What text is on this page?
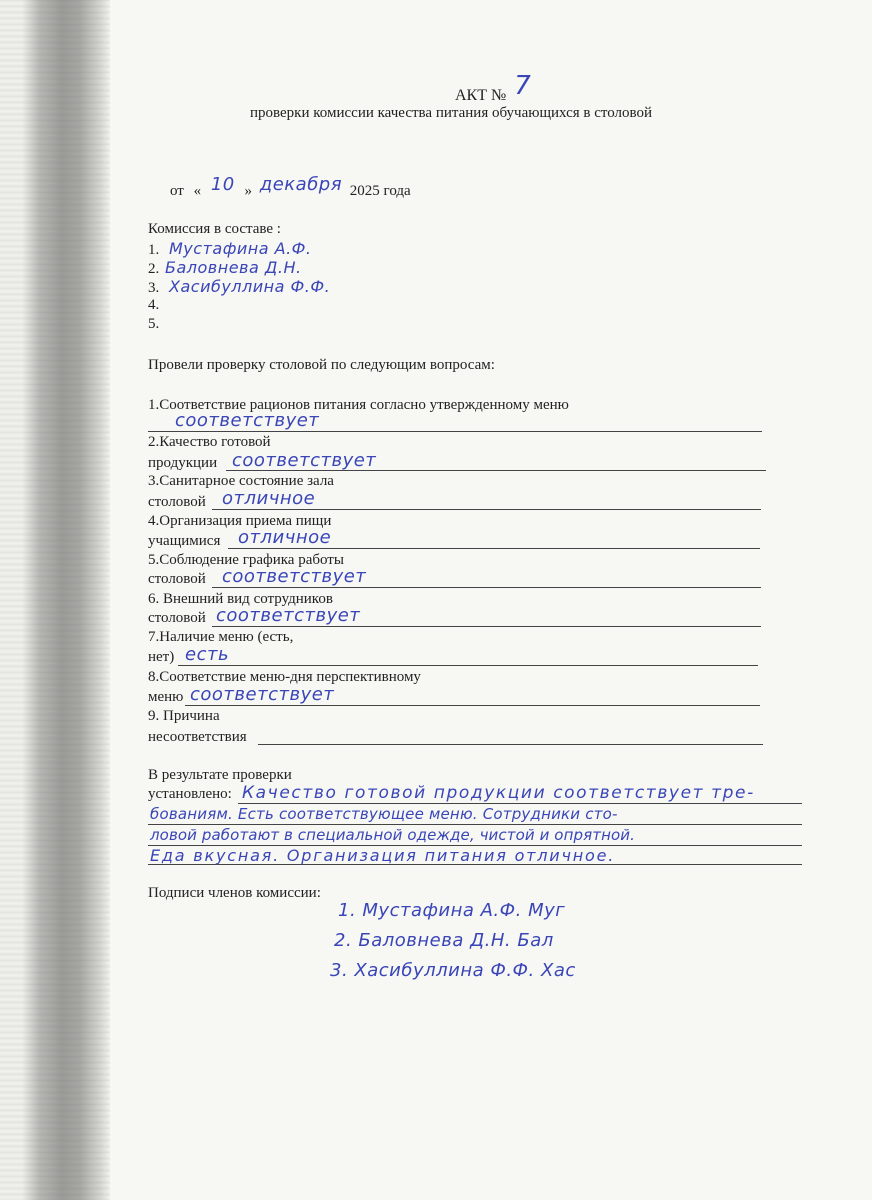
АКТ № 7
проверки комиссии качества питания обучающихся в столовой
от « 10 » декабря 2025 года
Комиссия в составе :
1. Мустафина А.Ф.
2. Баловнева Д.Н.
3. Хасибуллина Ф.Ф.
4.
5.
Провели проверку столовой по следующим вопросам:
1.Соответствие рационов питания согласно утвержденному меню
соответствует
2.Качество готовой
продукции соответствует
3.Санитарное состояние зала
столовой отличное
4.Организация приема пищи
учащимися отличное
5.Соблюдение графика работы
столовой соответствует
6. Внешний вид сотрудников
столовой соответствует
7.Наличие меню (есть,
нет) есть
8.Соответствие меню-дня перспективному
меню соответствует
9. Причина
несоответствия
В результате проверки
установлено: Качество готовой продукции соответствует тре-
бованиям. Есть соответствующее меню. Сотрудники сто-
ловой работают в специальной одежде, чистой и опрятной.
Еда вкусная. Организация питания отличное.
Подписи членов комиссии:
1. Мустафина А.Ф. Муг
2. Баловнева Д.Н. Бал
3. Хасибуллина Ф.Ф. Хас
